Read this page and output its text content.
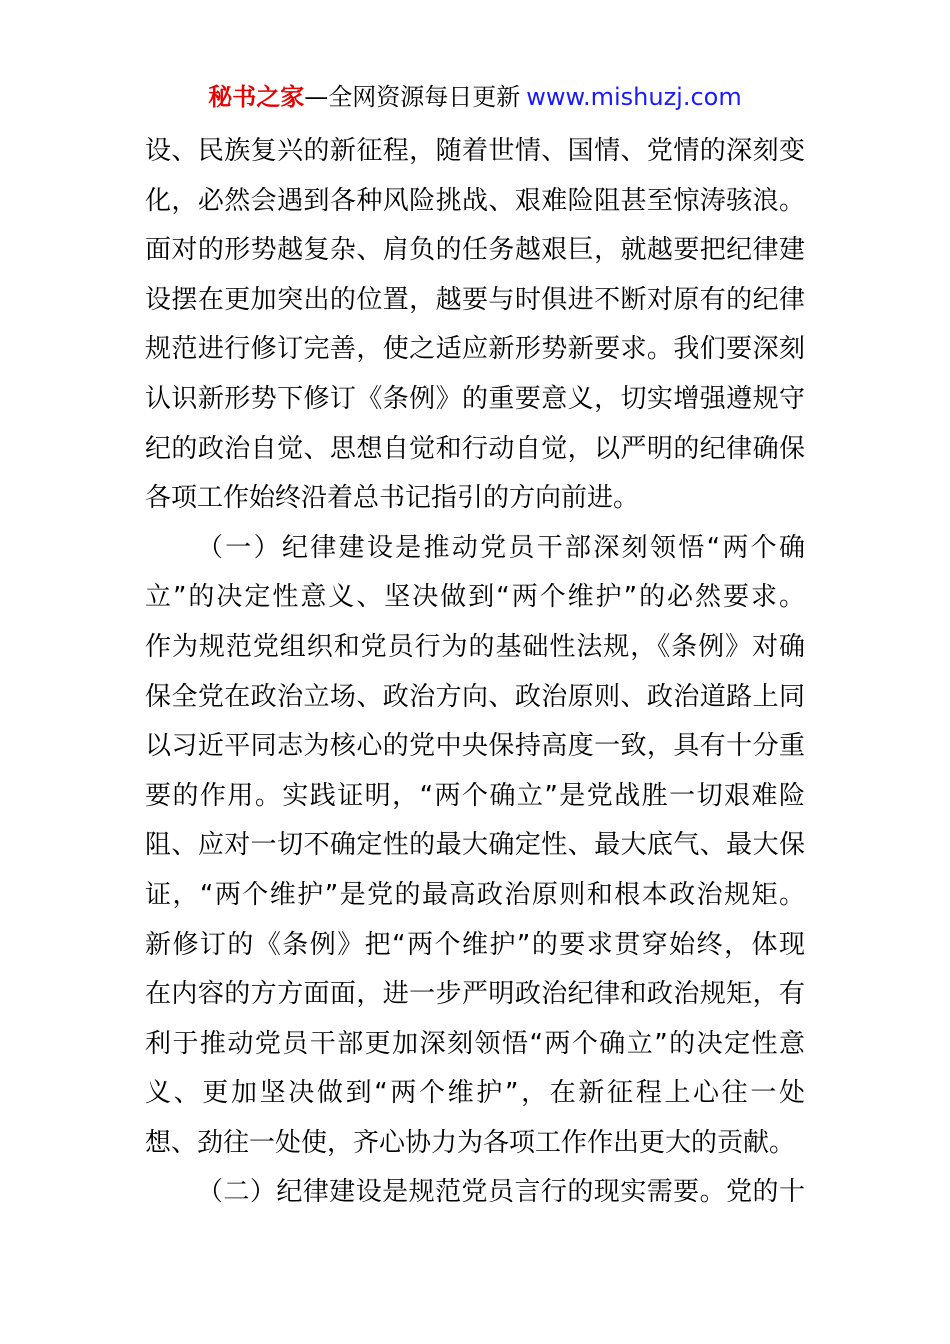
秘书之家—全网资源每日更新 www.mishuzj.com
设、民族复兴的新征程，随着世情、国情、党情的深刻变
化，必然会遇到各种风险挑战、艰难险阻甚至惊涛骇浪。
面对的形势越复杂、肩负的任务越艰巨，就越要把纪律建
设摆在更加突出的位置，越要与时俱进不断对原有的纪律
规范进行修订完善，使之适应新形势新要求。我们要深刻
认识新形势下修订《条例》的重要意义，切实增强遵规守
纪的政治自觉、思想自觉和行动自觉，以严明的纪律确保
各项工作始终沿着总书记指引的方向前进。
（一）纪律建设是推动党员干部深刻领悟“两个确
立”的决定性意义、坚决做到“两个维护”的必然要求。
作为规范党组织和党员行为的基础性法规，《条例》对确
保全党在政治立场、政治方向、政治原则、政治道路上同
以习近平同志为核心的党中央保持高度一致，具有十分重
要的作用。实践证明，“两个确立”是党战胜一切艰难险
阻、应对一切不确定性的最大确定性、最大底气、最大保
证，“两个维护”是党的最高政治原则和根本政治规矩。
新修订的《条例》把“两个维护”的要求贯穿始终，体现
在内容的方方面面，进一步严明政治纪律和政治规矩，有
利于推动党员干部更加深刻领悟“两个确立”的决定性意
义、更加坚决做到“两个维护”，在新征程上心往一处
想、劲往一处使，齐心协力为各项工作作出更大的贡献。
（二）纪律建设是规范党员言行的现实需要。党的十
